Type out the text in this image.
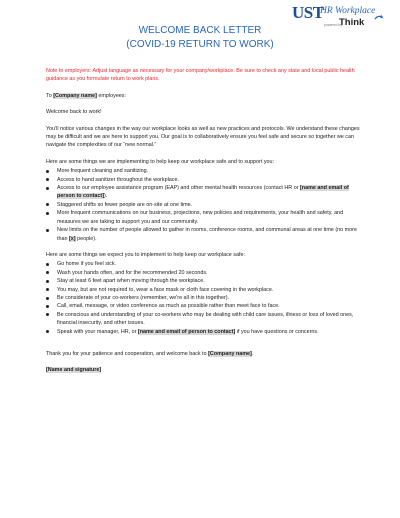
UST
HR Workplace
powered by
Think
WELCOME BACK LETTER
(COVID-19 RETURN TO WORK)

Note to employers: Adjust language as necessary for your company/workplace. Be sure to check any state and local public health guidance as you formulate return to work plans.

To [Company name] employees:

Welcome back to work!

You'll notice various changes in the way our workplace looks as well as new practices and protocols. We understand these changes may be difficult and we are here to support you. Our goal is to collaboratively ensure you feel safe and secure so together we can navigate the complexities of our “new normal.”

Here are some things we are implementing to help keep our workplace safe and to support you:

More frequent cleaning and sanitizing.
Access to hand sanitizer throughout the workplace.
Access to our employee assistance program (EAP) and other mental health resources (contact HR or [name and email of person to contact]).
Staggered shifts so fewer people are on-site at one time.
More frequent communications on our business, projections, new policies and requirements, your health and safety, and measures we are taking to support you and our community.
New limits on the number of people allowed to gather in rooms, conference rooms, and communal areas at one time (no more than [x] people).

Here are some things we expect you to implement to help keep our workplace safe:

Go home if you feel sick.
Wash your hands often, and for the recommended 20 seconds.
Stay at least 6 feet apart when moving through the workplace.
You may, but are not required to, wear a face mask or cloth face covering in the workplace.
Be considerate of your co-workers (remember, we're all in this together).
Call, email, message, or video conference as much as possible rather than meet face to face.
Be conscious and understanding of your co-workers who may be dealing with child care issues, illness or loss of loved ones, financial insecurity, and other issues.
Speak with your manager, HR, or [name and email of person to contact] if you have questions or concerns.

Thank you for your patience and cooperation, and welcome back to [Company name].

[Name and signature]
